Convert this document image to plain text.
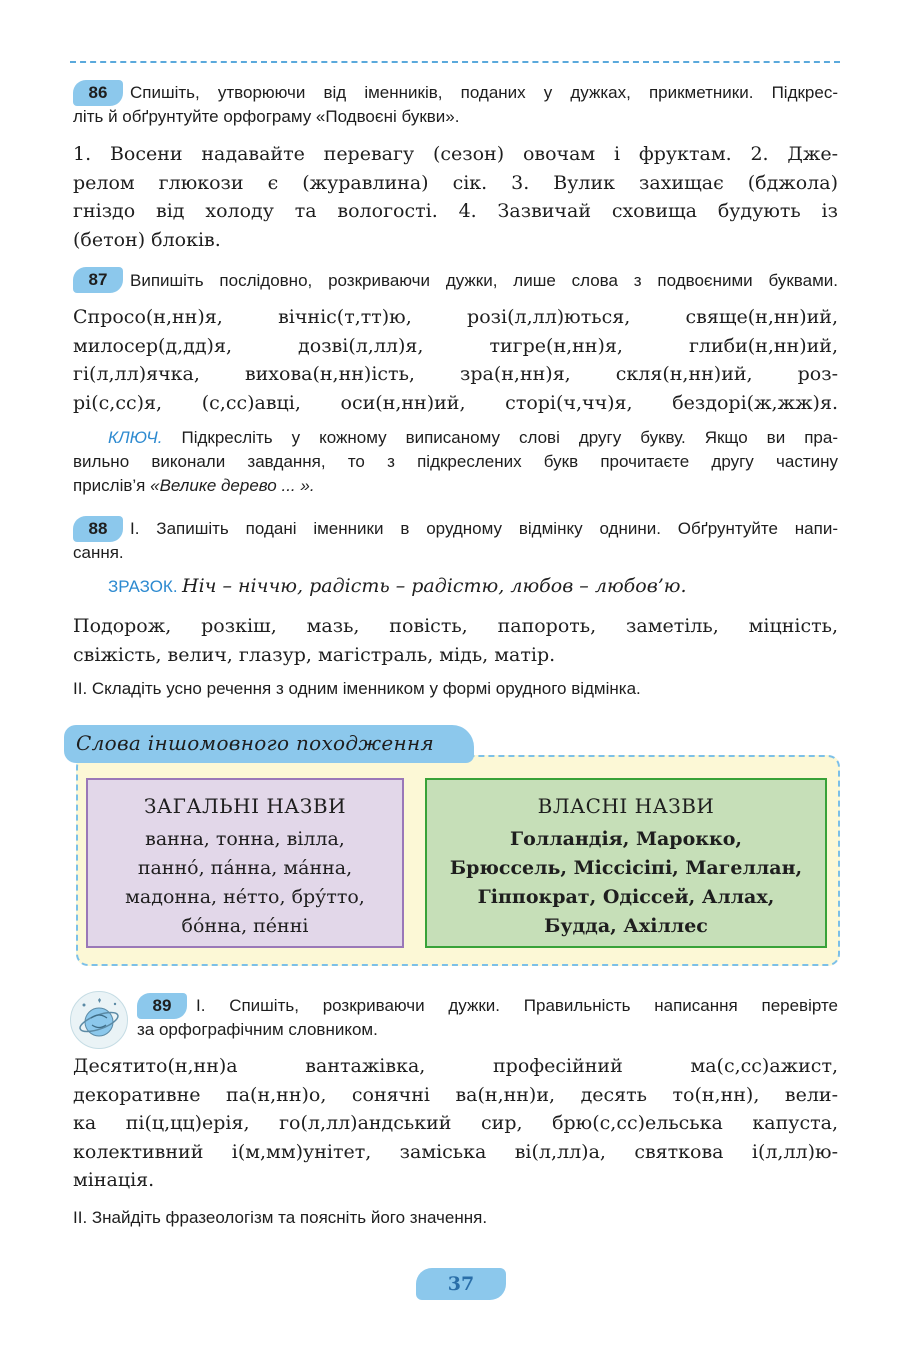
86	Спишіть, утворюючи від іменників, поданих у дужках, прикметники. Підкрес-
літь й обґрунтуйте орфограму «Подвоєні букви».
1. Восени надавайте перевагу (сезон) овочам і фруктам. 2. Дже-
релом глюкози є (журавлина) сік. 3. Вулик захищає (бджола)
гніздо від холоду та вологості. 4. Зазвичай сховища будують із
(бетон) блоків.
87	Випишіть послідовно, розкриваючи дужки, лише слова з подвоєними буквами.
Спросо(н,нн)я, вічніс(т,тт)ю, розі(л,лл)ються, свяще(н,нн)ий,
милосер(д,дд)я, дозві(л,лл)я, тигре(н,нн)я, глиби(н,нн)ий,
гі(л,лл)ячка, вихова(н,нн)ість, зра(н,нн)я, скля(н,нн)ий, роз-
рі(с,сс)я, (с,сс)авці, оси(н,нн)ий, сторі(ч,чч)я, бездорі(ж,жж)я.
КЛЮЧ. Підкресліть у кожному виписаному слові другу букву. Якщо ви пра-
вильно виконали завдання, то з підкреслених букв прочитаєте другу частину
прислів’я «Велике дерево ... ».
88	І. Запишіть подані іменники в орудному відмінку однини. Обґрунтуйте напи-
сання.
ЗРАЗОК. Ніч – ніччю, радість – радістю, любов – любов’ю.
Подорож, розкіш, мазь, повість, папороть, заметіль, міцність,
свіжість, велич, глазур, магістраль, мідь, матір.
ІІ. Складіть усно речення з одним іменником у формі орудного відмінка.
Слова іншомовного походження
ЗАГАЛЬНІ НАЗВИ
ванна, тонна, вілла,
панно́, па́нна, ма́нна,
мадонна, не́тто, бру́тто,
бо́нна, пе́нні
ВЛАСНІ НАЗВИ
Голландія, Марокко,
Брюссель, Міссісіпі, Магеллан,
Гіппократ, Одіссей, Аллах,
Будда, Ахіллес
89	І. Спишіть, розкриваючи дужки. Правильність написання перевірте
за орфографічним словником.
Десятитo(н,нн)а вантажівка, професійний ма(с,сс)ажист,
декоративне па(н,нн)о, сонячні ва(н,нн)и, десять то(н,нн), вели-
ка пі(ц,цц)ерія, го(л,лл)андський сир, брю(с,сс)ельська капуста,
колективний і(м,мм)унітет, заміська ві(л,лл)а, святкова і(л,лл)ю-
мінація.
ІІ. Знайдіть фразеологізм та поясніть його значення.
37
